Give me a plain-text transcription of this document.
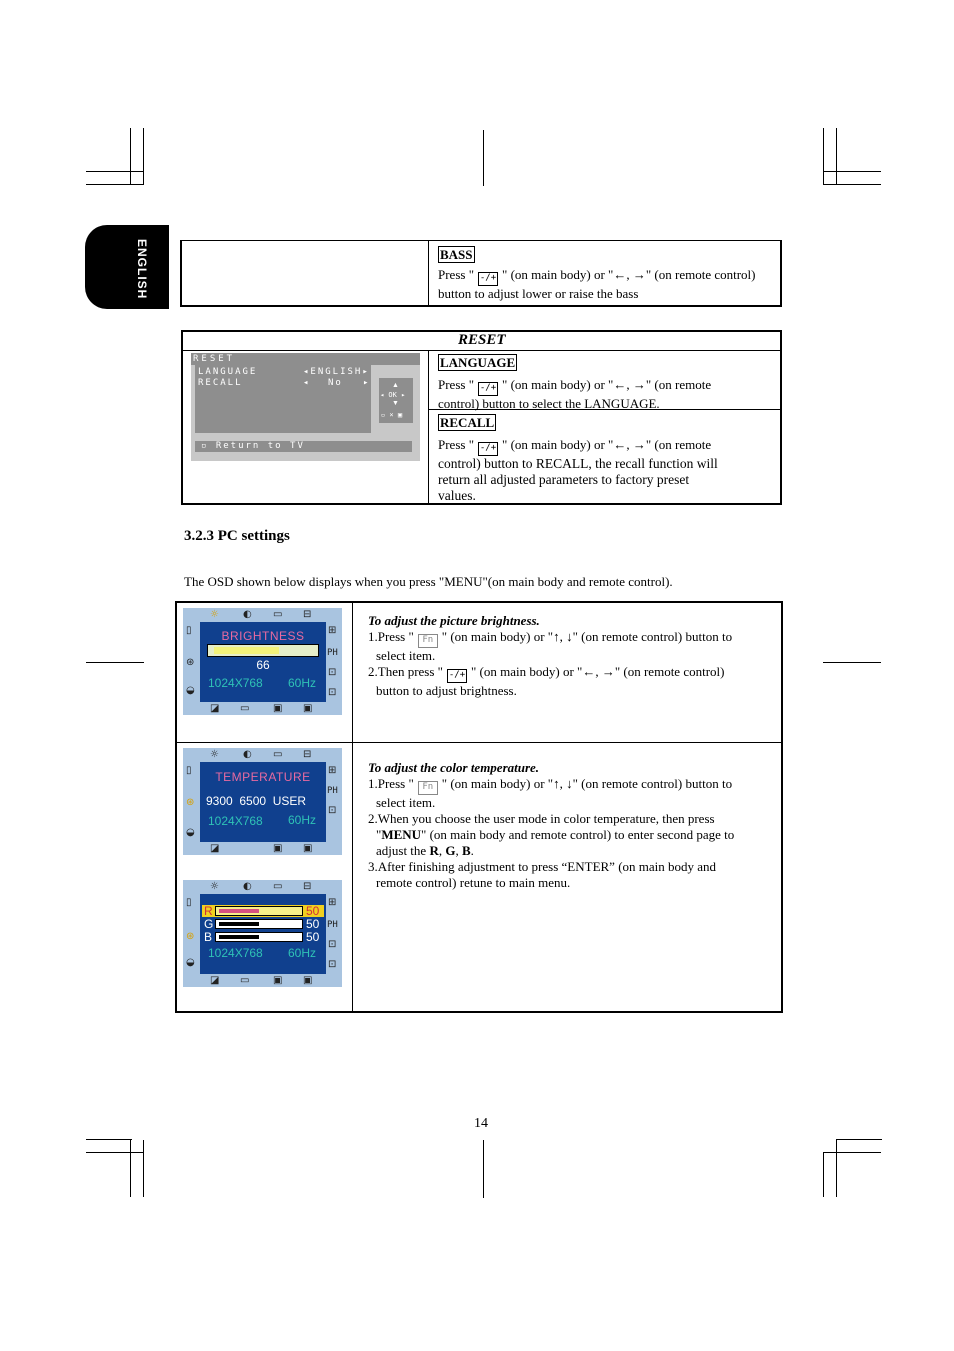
ENGLISH	BASS
Press " -/+ " (on main body) or "←, →" (on remote control)
button to adjust lower or raise the bass
RESET
RESET
LANGUAGE	◂ENGLISH▸
RECALL	◂ No ▸	▲
◂ OK ▸
▼
▫ × ▣
▫ Return to TV
LANGUAGE
Press " -/+ " (on main body) or "←, →" (on remote
control) button to select the LANGUAGE.
RECALL
Press " -/+ " (on main body) or "←, →" (on remote
control) button to RECALL, the recall function will
return all adjusted parameters to factory preset
values.
3.2.3 PC settings
The OSD shown below displays when you press "MENU"(on main body and remote control).
☼ ◐ ▭ ⊟
▯
⊛
◒
⊞
PH
⊡
⊡
◪ ▭ ▣ ▣
BRIGHTNESS
66
1024X768 60Hz
To adjust the picture brightness.
1.Press " Fn " (on main body) or "↑, ↓" (on remote control) button to
select item.
2.Then press " -/+ " (on main body) or "←, →" (on remote control)
button to adjust brightness.
☼ ◐ ▭ ⊟
▯
⊛
◒
⊞
PH
⊡
◪	▣ ▣
TEMPERATURE
9300  6500  USER
1024X768 60Hz
☼ ◐ ▭ ⊟
▯
⊛
◒
⊞
PH
⊡
⊡
◪ ▭ ▣ ▣
R	50
G	50
B	50
1024X768 60Hz
To adjust the color temperature.
1.Press " Fn " (on main body) or "↑, ↓" (on remote control) button to
select item.
2.When you choose the user mode in color temperature, then press
"MENU" (on main body and remote control) to enter second page to
adjust the R, G, B.
3.After finishing adjustment to press “ENTER” (on main body and
remote control) retune to main menu.
14
